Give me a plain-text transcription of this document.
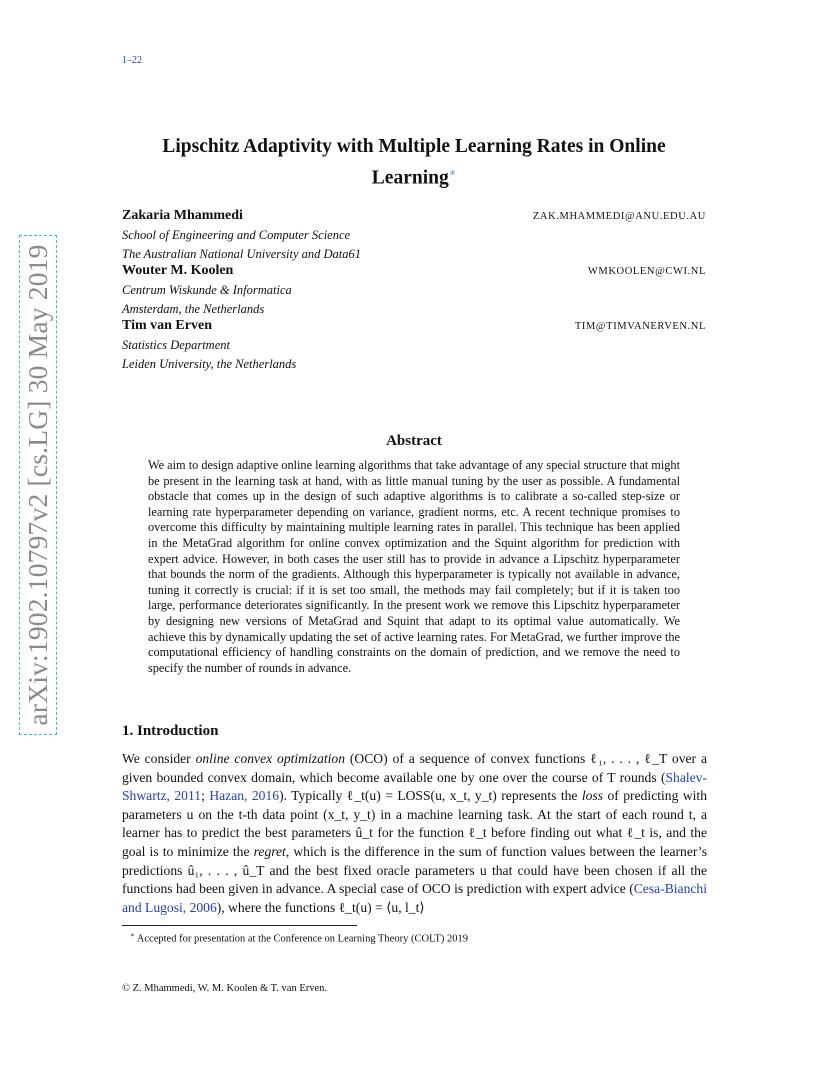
1–22
arXiv:1902.10797v2 [cs.LG] 30 May 2019
Lipschitz Adaptivity with Multiple Learning Rates in Online
Learning∗
Zakaria Mhammedi	ZAK.MHAMMEDI@ANU.EDU.AU
School of Engineering and Computer Science
The Australian National University and Data61
Wouter M. Koolen	WMKOOLEN@CWI.NL
Centrum Wiskunde & Informatica
Amsterdam, the Netherlands
Tim van Erven	TIM@TIMVANERVEN.NL
Statistics Department
Leiden University, the Netherlands
Abstract
We aim to design adaptive online learning algorithms that take advantage of any special structure that might be present in the learning task at hand, with as little manual tuning by the user as possible. A fundamental obstacle that comes up in the design of such adaptive algorithms is to calibrate a so-called step-size or learning rate hyperparameter depending on variance, gradient norms, etc. A recent technique promises to overcome this difficulty by maintaining multiple learning rates in parallel. This technique has been applied in the MetaGrad algorithm for online convex optimization and the Squint algorithm for prediction with expert advice. However, in both cases the user still has to provide in advance a Lipschitz hyperparameter that bounds the norm of the gradients. Although this hyperparameter is typically not available in advance, tuning it correctly is crucial: if it is set too small, the methods may fail completely; but if it is taken too large, performance deteriorates significantly. In the present work we remove this Lipschitz hyperparameter by designing new versions of MetaGrad and Squint that adapt to its optimal value automatically. We achieve this by dynamically updating the set of active learning rates. For MetaGrad, we further improve the computational efficiency of handling constraints on the domain of prediction, and we remove the need to specify the number of rounds in advance.
1. Introduction
We consider online convex optimization (OCO) of a sequence of convex functions ℓ₁, . . . , ℓ_T over a given bounded convex domain, which become available one by one over the course of T rounds (Shalev-Shwartz, 2011; Hazan, 2016). Typically ℓ_t(u) = LOSS(u, x_t, y_t) represents the loss of predicting with parameters u on the t-th data point (x_t, y_t) in a machine learning task. At the start of each round t, a learner has to predict the best parameters û_t for the function ℓ_t before finding out what ℓ_t is, and the goal is to minimize the regret, which is the difference in the sum of function values between the learner’s predictions û₁, . . . , û_T and the best fixed oracle parameters u that could have been chosen if all the functions had been given in advance. A special case of OCO is prediction with expert advice (Cesa-Bianchi and Lugosi, 2006), where the functions ℓ_t(u) = ⟨u, l_t⟩
∗ Accepted for presentation at the Conference on Learning Theory (COLT) 2019
© Z. Mhammedi, W. M. Koolen & T. van Erven.
